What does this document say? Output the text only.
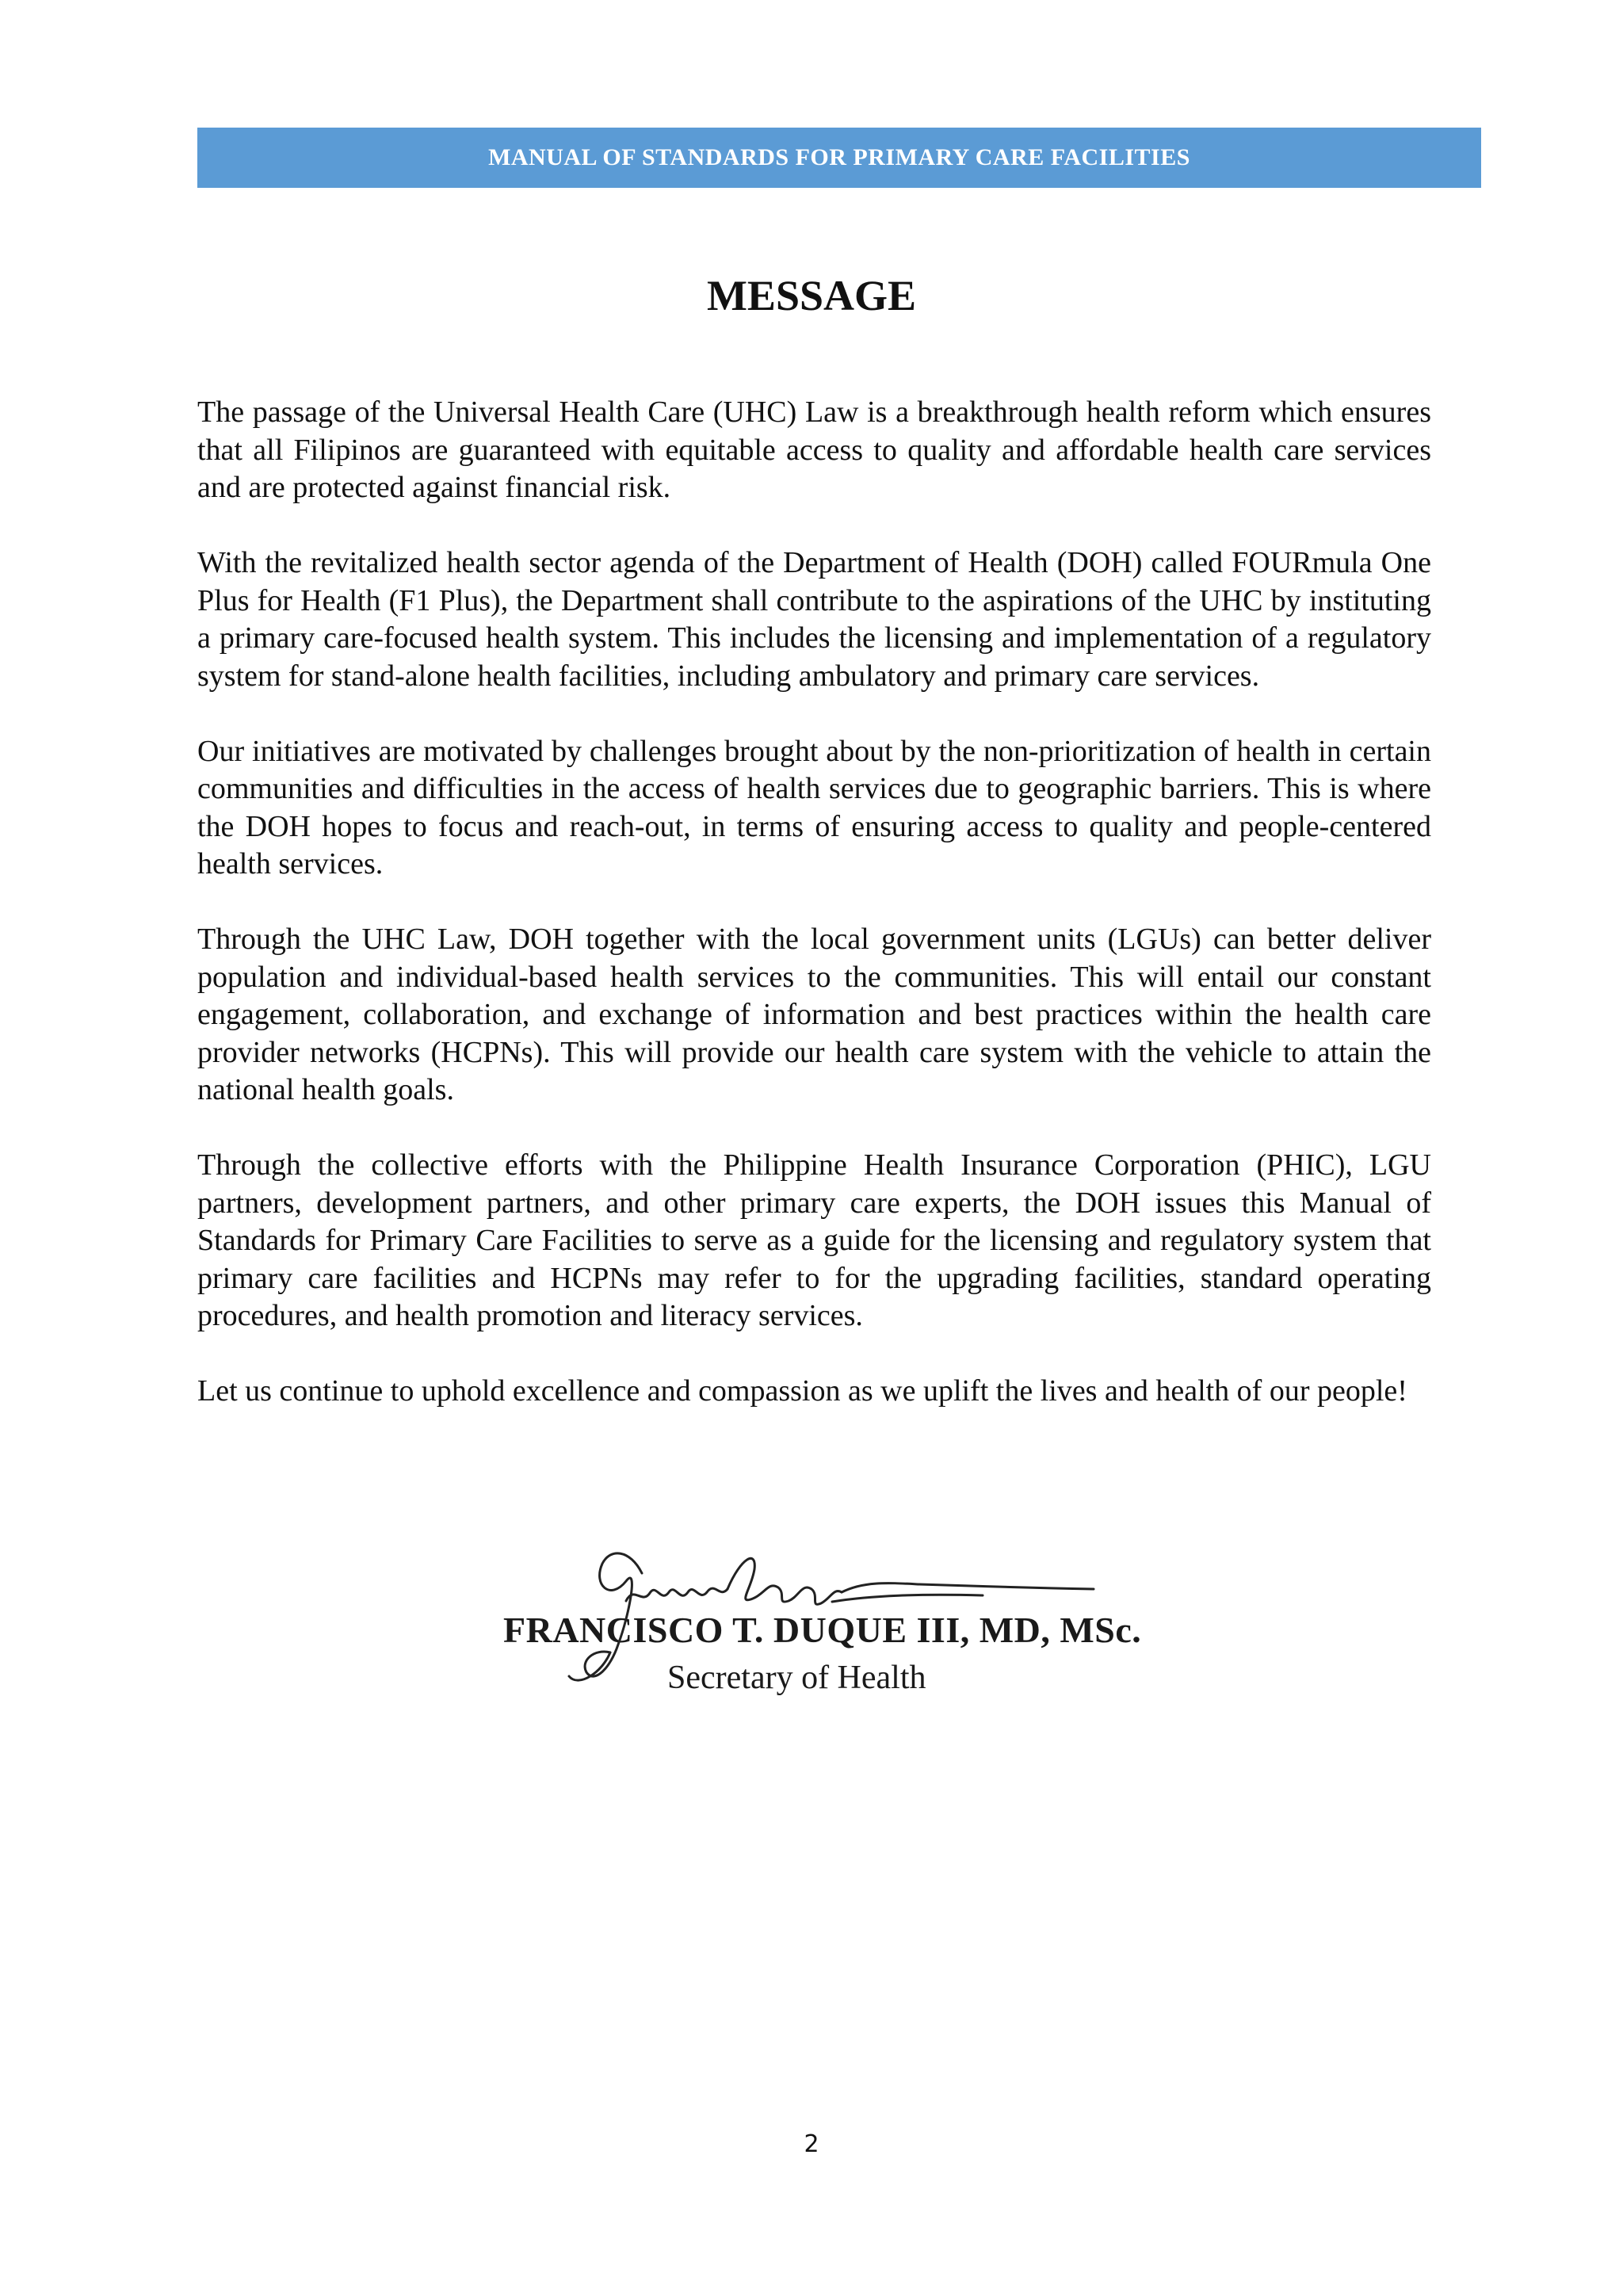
MANUAL OF STANDARDS FOR PRIMARY CARE FACILITIES
MESSAGE

The passage of the Universal Health Care (UHC) Law is a breakthrough health reform which ensures that all Filipinos are guaranteed with equitable access to quality and affordable health care services and are protected against financial risk.

With the revitalized health sector agenda of the Department of Health (DOH) called FOURmula One Plus for Health (F1 Plus), the Department shall contribute to the aspirations of the UHC by instituting a primary care-focused health system. This includes the licensing and implementation of a regulatory system for stand-alone health facilities, including ambulatory and primary care services.

Our initiatives are motivated by challenges brought about by the non-prioritization of health in certain communities and difficulties in the access of health services due to geographic barriers. This is where the DOH hopes to focus and reach-out, in terms of ensuring access to quality and people-centered health services.

Through the UHC Law, DOH together with the local government units (LGUs) can better deliver population and individual-based health services to the communities. This will entail our constant engagement, collaboration, and exchange of information and best practices within the health care provider networks (HCPNs). This will provide our health care system with the vehicle to attain the national health goals.

Through the collective efforts with the Philippine Health Insurance Corporation (PHIC), LGU partners, development partners, and other primary care experts, the DOH issues this Manual of Standards for Primary Care Facilities to serve as a guide for the licensing and regulatory system that primary care facilities and HCPNs may refer to for the upgrading facilities, standard operating procedures, and health promotion and literacy services.

Let us continue to uphold excellence and compassion as we uplift the lives and health of our people!

FRANCISCO T. DUQUE III, MD, MSc.
Secretary of Health
2
